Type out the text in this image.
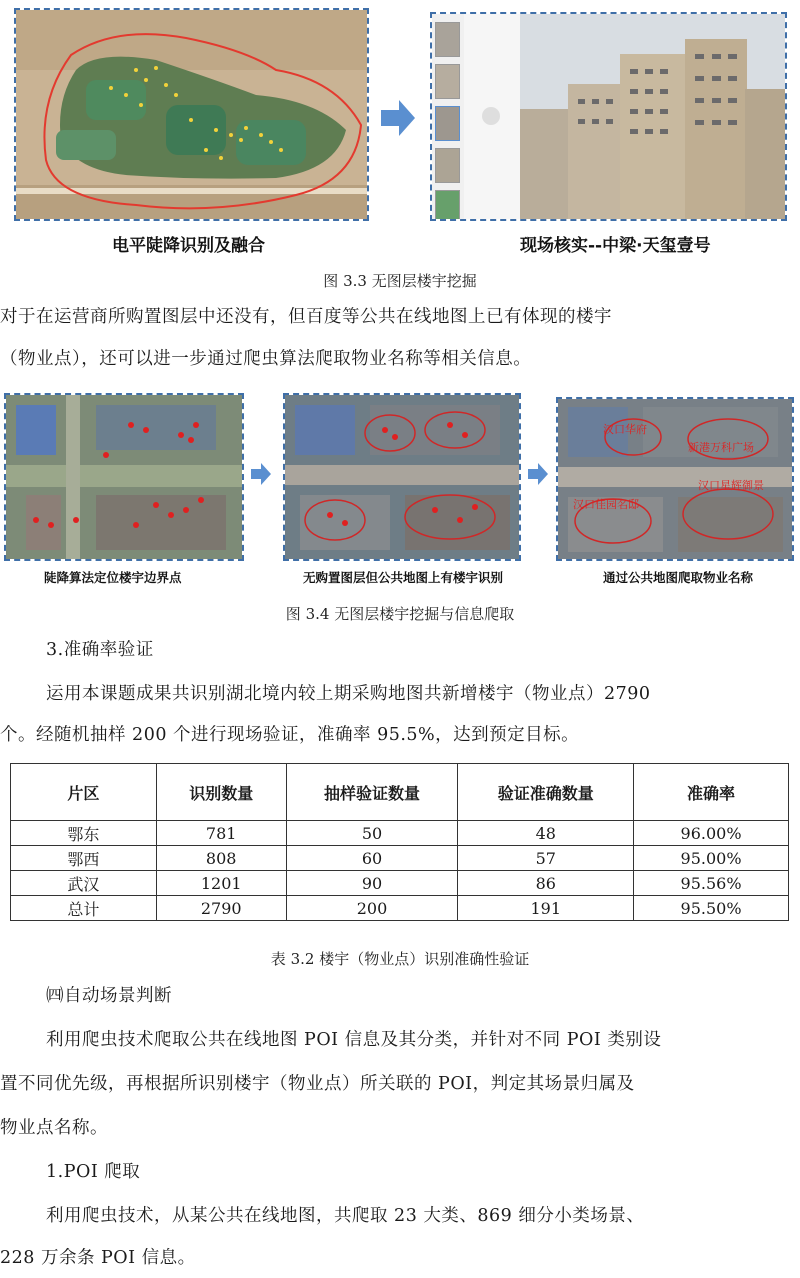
电平陡降识别及融合	现场核实--中梁·天玺壹号
图 3.3 无图层楼宇挖掘
对于在运营商所购置图层中还没有，但百度等公共在线地图上已有体现的楼宇
（物业点），还可以进一步通过爬虫算法爬取物业名称等相关信息。
汉口华府
新港万科广场
汉口佳园名邸
汉口星辉御景
陡降算法定位楼宇边界点	无购置图层但公共地图上有楼宇识别	通过公共地图爬取物业名称
图 3.4 无图层楼宇挖掘与信息爬取
3.准确率验证
运用本课题成果共识别湖北境内较上期采购地图共新增楼宇（物业点）2790
个。经随机抽样 200 个进行现场验证，准确率 95.5%，达到预定目标。
片区	识别数量	抽样验证数量	验证准确数量	准确率
鄂东	781	50	48	96.00%
鄂西	808	60	57	95.00%
武汉	1201	90	86	95.56%
总计	2790	200	191	95.50%
表 3.2 楼宇（物业点）识别准确性验证
㈣自动场景判断
利用爬虫技术爬取公共在线地图 POI 信息及其分类，并针对不同 POI 类别设
置不同优先级，再根据所识别楼宇（物业点）所关联的 POI，判定其场景归属及
物业点名称。
1.POI 爬取
利用爬虫技术，从某公共在线地图，共爬取 23 大类、869 细分小类场景、
228 万余条 POI 信息。
